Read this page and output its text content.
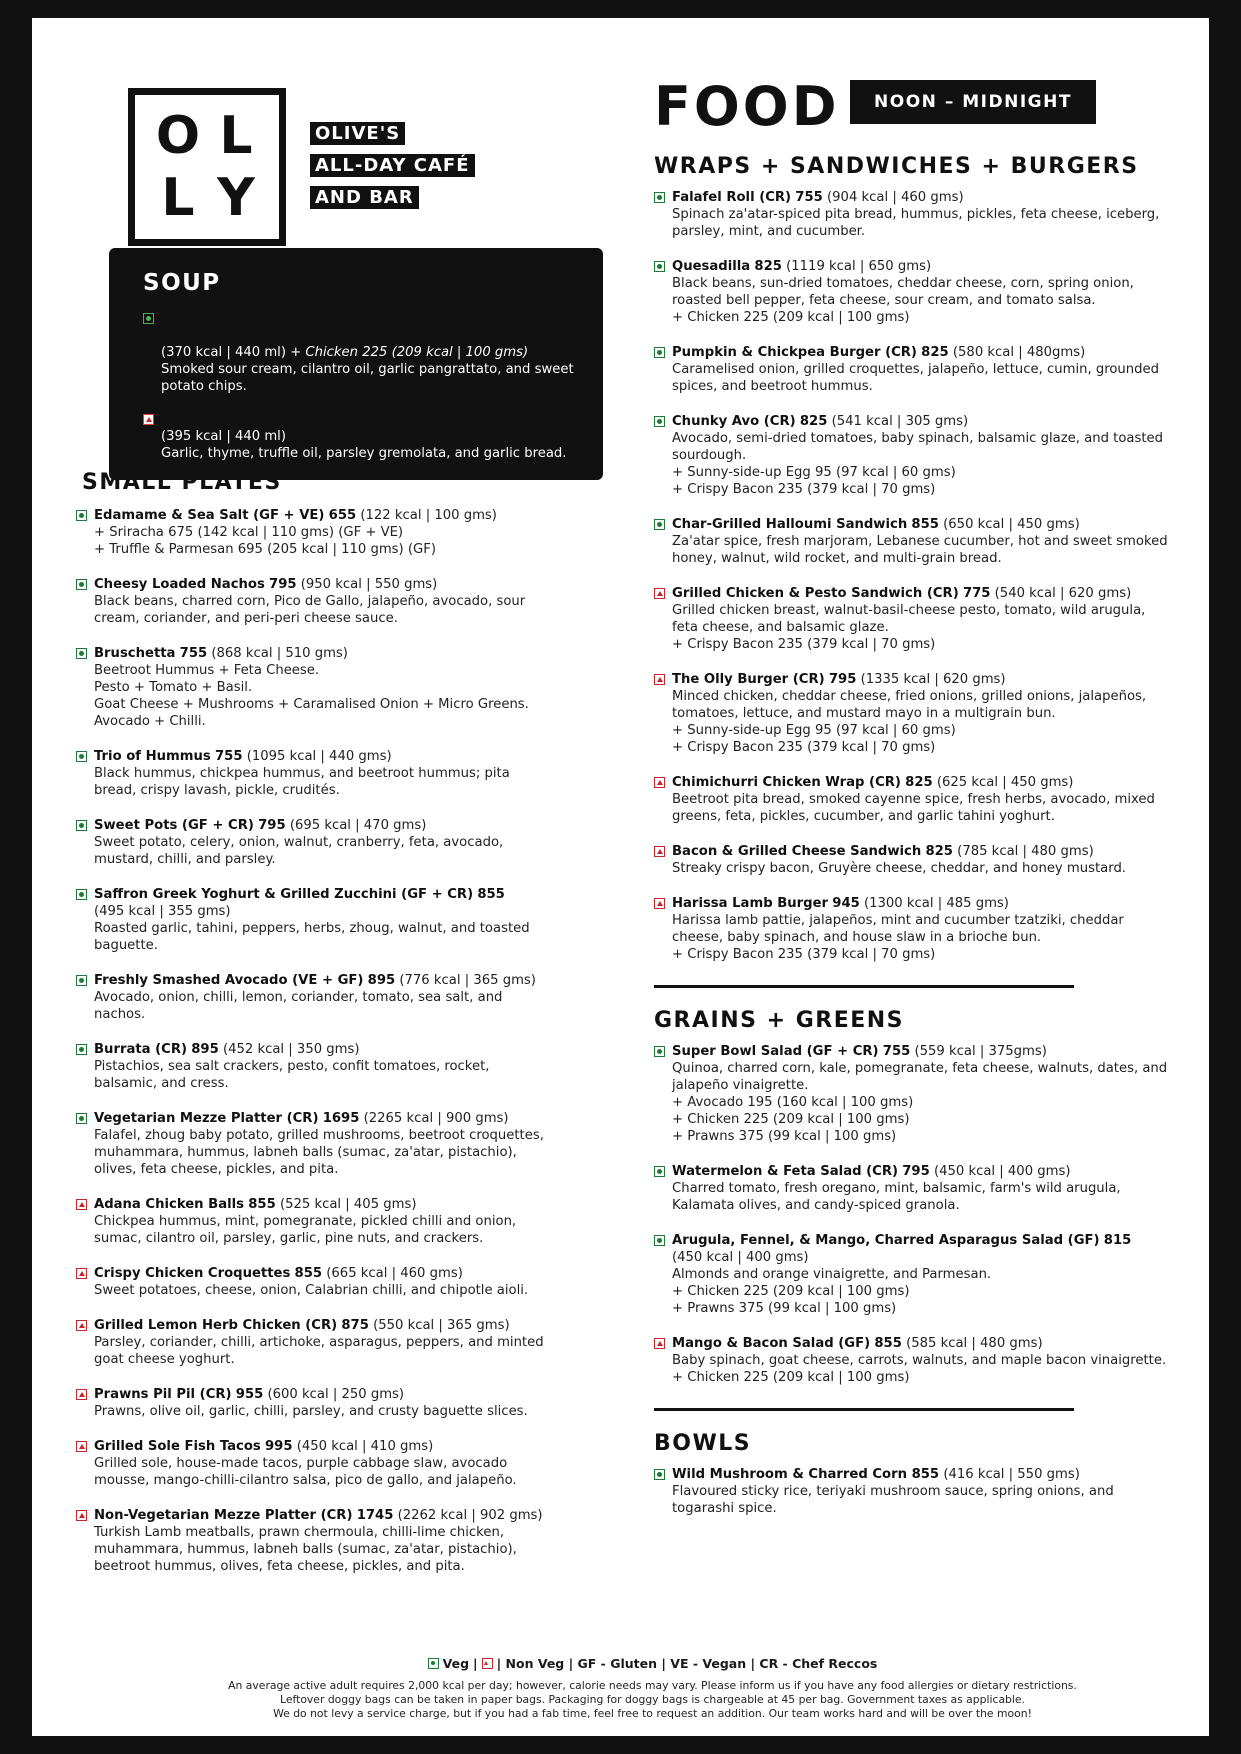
O L
L Y
OLIVE'S
ALL-DAY CAFÉ
AND BAR
SOUP
Slow-roasted Sweet Potato & Red Pepper 445 (H) | 475 (F)
(370 kcal | 440 ml) + Chicken 225 (209 kcal | 100 gms)
Smoked sour cream, cilantro oil, garlic pangrattato, and sweet potato chips.
Chicken & Sweet Corn 475 (H) | 495 (F)
(395 kcal | 440 ml)
Garlic, thyme, truffle oil, parsley gremolata, and garlic bread.
SMALL PLATES
Edamame & Sea Salt (GF + VE) 655 (122 kcal | 100 gms)
+ Sriracha 675 (142 kcal | 110 gms) (GF + VE)
+ Truffle & Parmesan 695 (205 kcal | 110 gms) (GF)
Cheesy Loaded Nachos 795 (950 kcal | 550 gms)
Black beans, charred corn, Pico de Gallo, jalapeño, avocado, sour cream, coriander, and peri-peri cheese sauce.
Bruschetta 755 (868 kcal | 510 gms)
Beetroot Hummus + Feta Cheese.
Pesto + Tomato + Basil.
Goat Cheese + Mushrooms + Caramalised Onion + Micro Greens.
Avocado + Chilli.
Trio of Hummus 755 (1095 kcal | 440 gms)
Black hummus, chickpea hummus, and beetroot hummus; pita bread, crispy lavash, pickle, crudités.
Sweet Pots (GF + CR) 795 (695 kcal | 470 gms)
Sweet potato, celery, onion, walnut, cranberry, feta, avocado, mustard, chilli, and parsley.
Saffron Greek Yoghurt & Grilled Zucchini (GF + CR) 855
(495 kcal | 355 gms)
Roasted garlic, tahini, peppers, herbs, zhoug, walnut, and toasted baguette.
Freshly Smashed Avocado (VE + GF) 895 (776 kcal | 365 gms)
Avocado, onion, chilli, lemon, coriander, tomato, sea salt, and nachos.
Burrata (CR) 895 (452 kcal | 350 gms)
Pistachios, sea salt crackers, pesto, confit tomatoes, rocket, balsamic, and cress.
Vegetarian Mezze Platter (CR) 1695 (2265 kcal | 900 gms)
Falafel, zhoug baby potato, grilled mushrooms, beetroot croquettes, muhammara, hummus, labneh balls (sumac, za'atar, pistachio), olives, feta cheese, pickles, and pita.
Adana Chicken Balls 855 (525 kcal | 405 gms)
Chickpea hummus, mint, pomegranate, pickled chilli and onion, sumac, cilantro oil, parsley, garlic, pine nuts, and crackers.
Crispy Chicken Croquettes 855 (665 kcal | 460 gms)
Sweet potatoes, cheese, onion, Calabrian chilli, and chipotle aioli.
Grilled Lemon Herb Chicken (CR) 875 (550 kcal | 365 gms)
Parsley, coriander, chilli, artichoke, asparagus, peppers, and minted goat cheese yoghurt.
Prawns Pil Pil (CR) 955 (600 kcal | 250 gms)
Prawns, olive oil, garlic, chilli, parsley, and crusty baguette slices.
Grilled Sole Fish Tacos 995 (450 kcal | 410 gms)
Grilled sole, house-made tacos, purple cabbage slaw, avocado mousse, mango-chilli-cilantro salsa, pico de gallo, and jalapeño.
Non-Vegetarian Mezze Platter (CR) 1745 (2262 kcal | 902 gms)
Turkish Lamb meatballs, prawn chermoula, chilli-lime chicken, muhammara, hummus, labneh balls (sumac, za'atar, pistachio), beetroot hummus, olives, feta cheese, pickles, and pita.
FOOD	NOON – MIDNIGHT
WRAPS + SANDWICHES + BURGERS
Falafel Roll (CR) 755 (904 kcal | 460 gms)
Spinach za'atar-spiced pita bread, hummus, pickles, feta cheese, iceberg, parsley, mint, and cucumber.
Quesadilla 825 (1119 kcal | 650 gms)
Black beans, sun-dried tomatoes, cheddar cheese, corn, spring onion, roasted bell pepper, feta cheese, sour cream, and tomato salsa.
+ Chicken 225 (209 kcal | 100 gms)
Pumpkin & Chickpea Burger (CR) 825 (580 kcal | 480gms)
Caramelised onion, grilled croquettes, jalapeño, lettuce, cumin, grounded spices, and beetroot hummus.
Chunky Avo (CR) 825 (541 kcal | 305 gms)
Avocado, semi-dried tomatoes, baby spinach, balsamic glaze, and toasted sourdough.
+ Sunny-side-up Egg 95 (97 kcal | 60 gms)
+ Crispy Bacon 235 (379 kcal | 70 gms)
Char-Grilled Halloumi Sandwich 855 (650 kcal | 450 gms)
Za'atar spice, fresh marjoram, Lebanese cucumber, hot and sweet smoked honey, walnut, wild rocket, and multi-grain bread.
Grilled Chicken & Pesto Sandwich (CR) 775 (540 kcal | 620 gms)
Grilled chicken breast, walnut-basil-cheese pesto, tomato, wild arugula, feta cheese, and balsamic glaze.
+ Crispy Bacon 235 (379 kcal | 70 gms)
The Olly Burger (CR) 795 (1335 kcal | 620 gms)
Minced chicken, cheddar cheese, fried onions, grilled onions, jalapeños, tomatoes, lettuce, and mustard mayo in a multigrain bun.
+ Sunny-side-up Egg 95 (97 kcal | 60 gms)
+ Crispy Bacon 235 (379 kcal | 70 gms)
Chimichurri Chicken Wrap (CR) 825 (625 kcal | 450 gms)
Beetroot pita bread, smoked cayenne spice, fresh herbs, avocado, mixed greens, feta, pickles, cucumber, and garlic tahini yoghurt.
Bacon & Grilled Cheese Sandwich 825 (785 kcal | 480 gms)
Streaky crispy bacon, Gruyère cheese, cheddar, and honey mustard.
Harissa Lamb Burger 945 (1300 kcal | 485 gms)
Harissa lamb pattie, jalapeños, mint and cucumber tzatziki, cheddar cheese, baby spinach, and house slaw in a brioche bun.
+ Crispy Bacon 235 (379 kcal | 70 gms)
GRAINS + GREENS
Super Bowl Salad (GF + CR) 755 (559 kcal | 375gms)
Quinoa, charred corn, kale, pomegranate, feta cheese, walnuts, dates, and jalapeño vinaigrette.
+ Avocado 195 (160 kcal | 100 gms)
+ Chicken 225 (209 kcal | 100 gms)
+ Prawns 375 (99 kcal | 100 gms)
Watermelon & Feta Salad (CR) 795 (450 kcal | 400 gms)
Charred tomato, fresh oregano, mint, balsamic, farm's wild arugula, Kalamata olives, and candy-spiced granola.
Arugula, Fennel, & Mango, Charred Asparagus Salad (GF) 815
(450 kcal | 400 gms)
Almonds and orange vinaigrette, and Parmesan.
+ Chicken 225 (209 kcal | 100 gms)
+ Prawns 375 (99 kcal | 100 gms)
Mango & Bacon Salad (GF) 855 (585 kcal | 480 gms)
Baby spinach, goat cheese, carrots, walnuts, and maple bacon vinaigrette.
+ Chicken 225 (209 kcal | 100 gms)
BOWLS
Wild Mushroom & Charred Corn 855 (416 kcal | 550 gms)
Flavoured sticky rice, teriyaki mushroom sauce, spring onions, and togarashi spice.
Veg | | Non Veg | GF - Gluten | VE - Vegan | CR - Chef Reccos
An average active adult requires 2,000 kcal per day; however, calorie needs may vary. Please inform us if you have any food allergies or dietary restrictions.
Leftover doggy bags can be taken in paper bags. Packaging for doggy bags is chargeable at 45 per bag. Government taxes as applicable.
We do not levy a service charge, but if you had a fab time, feel free to request an addition. Our team works hard and will be over the moon!
